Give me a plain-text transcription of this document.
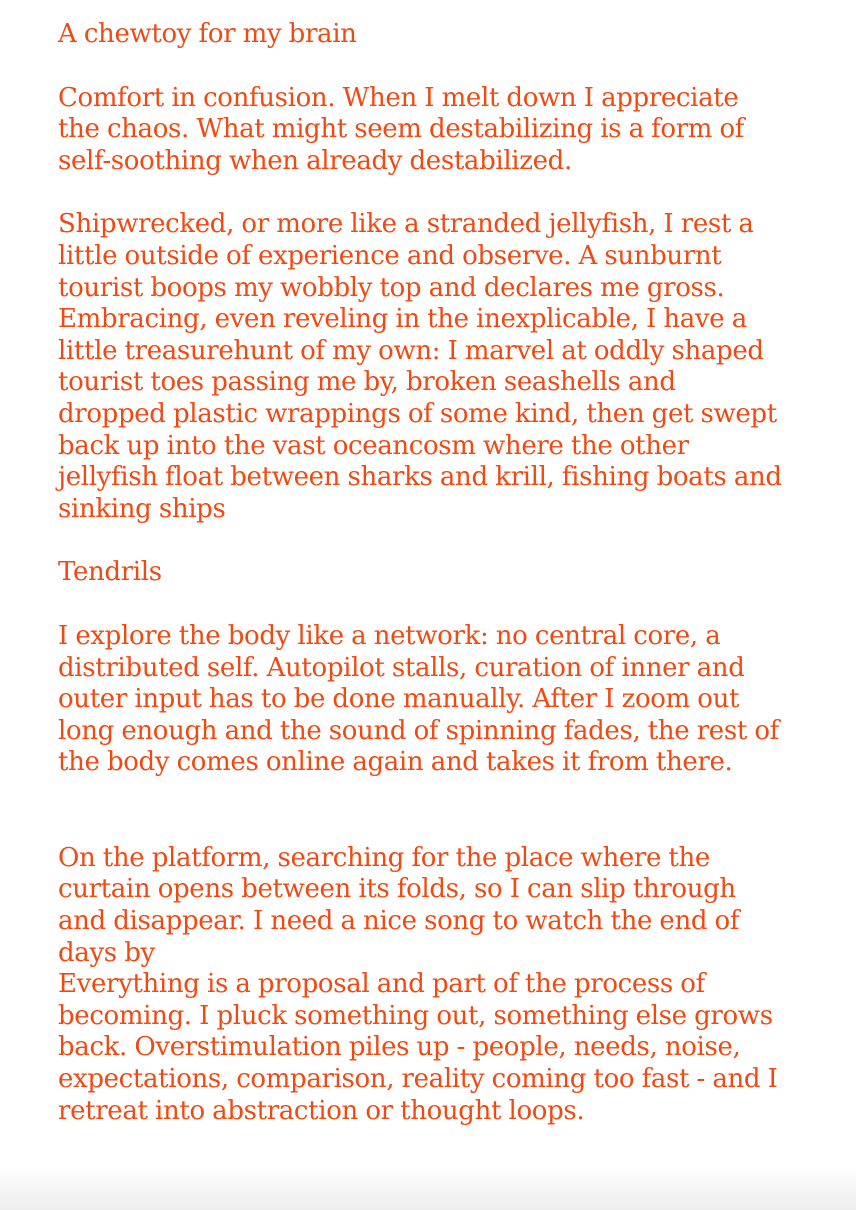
A chewtoy for my brain

Comfort in confusion. When I melt down I appreciate
the chaos. What might seem destabilizing is a form of
self-soothing when already destabilized.

Shipwrecked, or more like a stranded jellyfish, I rest a
little outside of experience and observe. A sunburnt
tourist boops my wobbly top and declares me gross.
Embracing, even reveling in the inexplicable, I have a
little treasurehunt of my own: I marvel at oddly shaped
tourist toes passing me by, broken seashells and
dropped plastic wrappings of some kind, then get swept
back up into the vast oceancosm where the other
jellyfish float between sharks and krill, fishing boats and
sinking ships

Tendrils

I explore the body like a network: no central core, a
distributed self. Autopilot stalls, curation of inner and
outer input has to be done manually. After I zoom out
long enough and the sound of spinning fades, the rest of
the body comes online again and takes it from there.

On the platform, searching for the place where the
curtain opens between its folds, so I can slip through
and disappear. I need a nice song to watch the end of
days by

Everything is a proposal and part of the process of
becoming. I pluck something out, something else grows
back. Overstimulation piles up - people, needs, noise,
expectations, comparison, reality coming too fast - and I
retreat into abstraction or thought loops.
